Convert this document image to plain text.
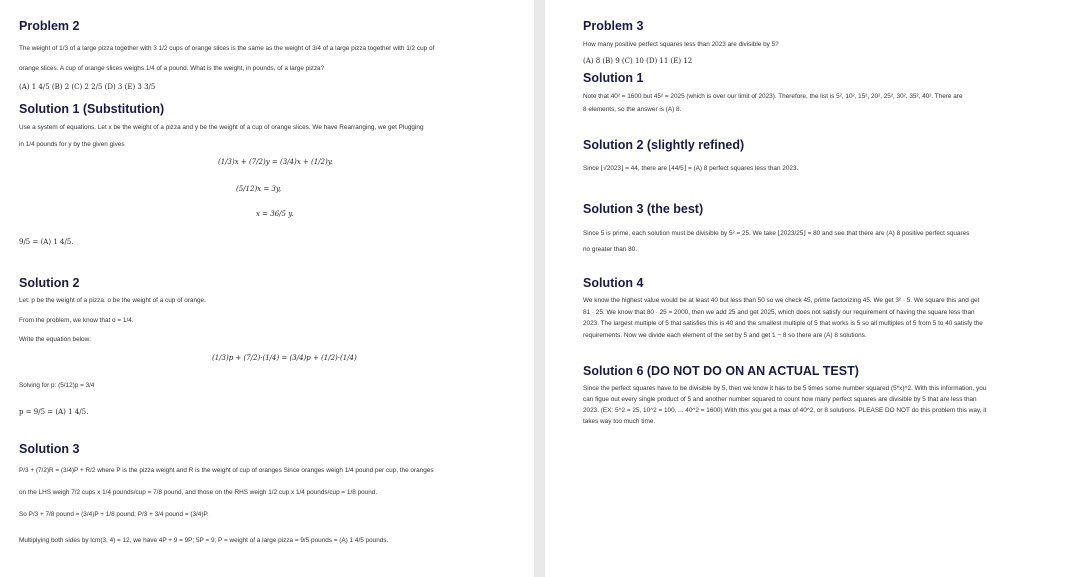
Problem 2
The weight of 1/3 of a large pizza together with 3 1/2 cups of orange slices is the same as the weight of 3/4 of a large pizza together with 1/2 cup of
orange slices. A cup of orange slices weighs 1/4 of a pound. What is the weight, in pounds, of a large pizza?
(A) 1 4/5 (B) 2 (C) 2 2/5 (D) 3 (E) 3 3/5
Solution 1 (Substitution)
Use a system of equations. Let x be the weight of a pizza and y be the weight of a cup of orange slices. We have Rearranging, we get Plugging
in 1/4 pounds for y by the given gives
(1/3)x + (7/2)y = (3/4)x + (1/2)y.
(5/12)x = 3y,
x = 36/5 y.
9/5 = (A) 1 4/5.
Solution 2
Let: p be the weight of a pizza. o be the weight of a cup of orange.
From the problem, we know that o = 1/4.
Write the equation below:
(1/3)p + (7/2)·(1/4) = (3/4)p + (1/2)·(1/4)
Solving for p: (5/12)p = 3/4
p = 9/5 = (A) 1 4/5.
Solution 3
P/3 + (7/2)R = (3/4)P + R/2 where P is the pizza weight and R is the weight of cup of oranges Since oranges weigh 1/4 pound per cup, the oranges
on the LHS weigh 7/2 cups x 1/4 pounds/cup = 7/8 pound, and those on the RHS weigh 1/2 cup x 1/4 pounds/cup = 1/8 pound.
So P/3 + 7/8 pound = (3/4)P + 1/8 pound; P/3 + 3/4 pound = (3/4)P.
Multiplying both sides by lcm(3, 4) = 12, we have 4P + 9 = 9P; 5P = 9; P = weight of a large pizza = 9/5 pounds = (A) 1 4/5 pounds.
Problem 3
How many positive perfect squares less than 2023 are divisible by 5?
(A) 8 (B) 9 (C) 10 (D) 11 (E) 12
Solution 1
Note that 40² = 1600 but 45² = 2025 (which is over our limit of 2023). Therefore, the list is 5², 10², 15², 20², 25², 30², 35², 40². There are
8 elements, so the answer is (A) 8.
Solution 2 (slightly refined)
Since ⌊√2023⌋ = 44, there are ⌊44/5⌋ = (A) 8 perfect squares less than 2023.
Solution 3 (the best)
Since 5 is prime, each solution must be divisible by 5² = 25. We take ⌊2023/25⌋ = 80 and see that there are (A) 8 positive perfect squares
no greater than 80.
Solution 4
We know the highest value would be at least 40 but less than 50 so we check 45, prime factorizing 45. We get 3² · 5. We square this and get
81 · 25. We know that 80 · 25 = 2000, then we add 25 and get 2025, which does not satisfy our requirement of having the square less than
2023. The largest multiple of 5 that satisfies this is 40 and the smallest multiple of 5 that works is 5 so all multiples of 5 from 5 to 40 satisfy the
requirements. Now we divide each element of the set by 5 and get 1 − 8 so there are (A) 8 solutions.
Solution 6 (DO NOT DO ON AN ACTUAL TEST)
Since the perfect squares have to be divisible by 5, then we know it has to be 5 times some number squared (5*x)^2. With this information, you
can figue out every single product of 5 and another number squared to count how many perfect squares are divisible by 5 that are less than
2023. (EX: 5^2 = 25, 10^2 = 100, ... 40^2 = 1600) With this you get a max of 40^2, or 8 solutions. PLEASE DO NOT do this problem this way, it
takes way too much time.
